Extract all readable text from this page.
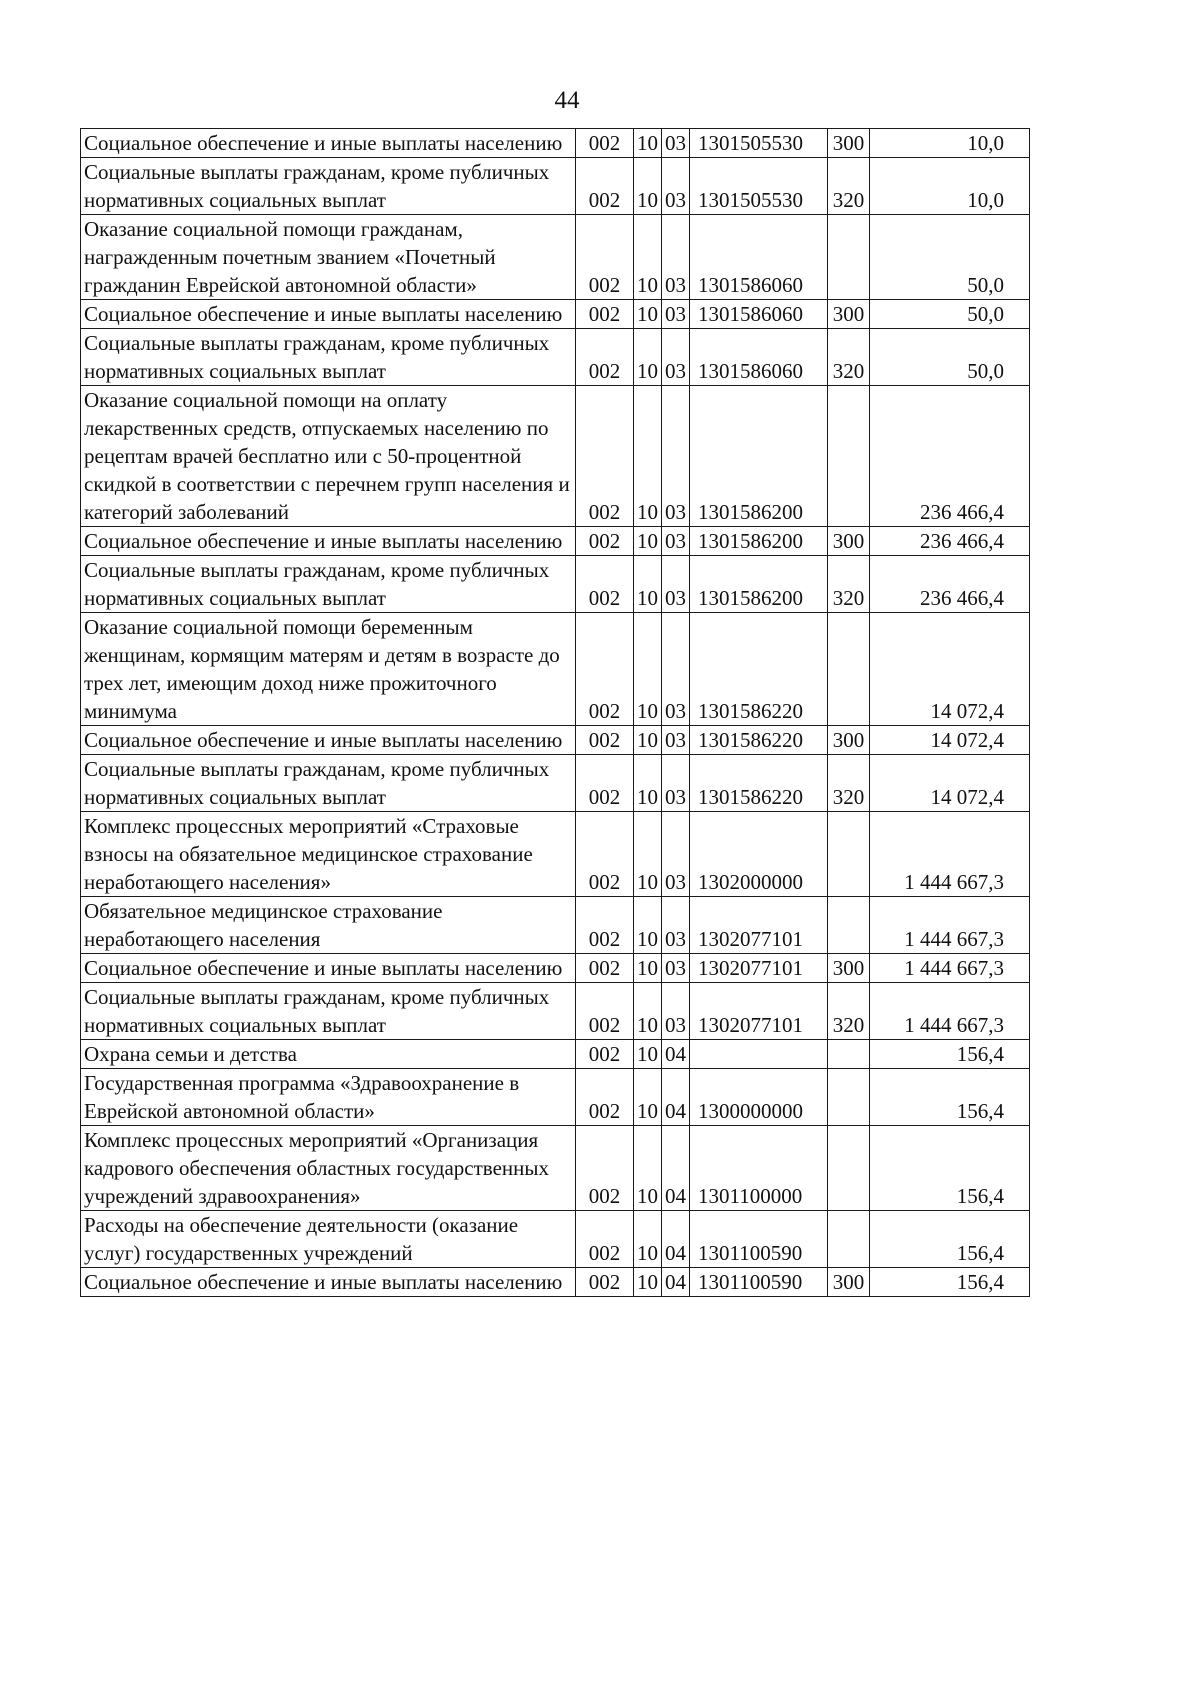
44
Социальное обеспечение и иные выплаты населению	002	10	03	1301505530	300	10,0
Социальные выплаты гражданам, кроме публичных нормативных социальных выплат	002	10	03	1301505530	320	10,0
Оказание социальной помощи гражданам, награжденным почетным званием «Почетный гражданин Еврейской автономной области»	002	10	03	1301586060		50,0
Социальное обеспечение и иные выплаты населению	002	10	03	1301586060	300	50,0
Социальные выплаты гражданам, кроме публичных нормативных социальных выплат	002	10	03	1301586060	320	50,0
Оказание социальной помощи на оплату лекарственных средств, отпускаемых населению по рецептам врачей бесплатно или с 50-процентной скидкой в соответствии с перечнем групп населения и категорий заболеваний	002	10	03	1301586200		236 466,4
Социальное обеспечение и иные выплаты населению	002	10	03	1301586200	300	236 466,4
Социальные выплаты гражданам, кроме публичных нормативных социальных выплат	002	10	03	1301586200	320	236 466,4
Оказание социальной помощи беременным женщинам, кормящим матерям и детям в возрасте до трех лет, имеющим доход ниже прожиточного минимума	002	10	03	1301586220		14 072,4
Социальное обеспечение и иные выплаты населению	002	10	03	1301586220	300	14 072,4
Социальные выплаты гражданам, кроме публичных нормативных социальных выплат	002	10	03	1301586220	320	14 072,4
Комплекс процессных мероприятий «Страховые взносы на обязательное медицинское страхование неработающего населения»	002	10	03	1302000000		1 444 667,3
Обязательное медицинское страхование неработающего населения	002	10	03	1302077101		1 444 667,3
Социальное обеспечение и иные выплаты населению	002	10	03	1302077101	300	1 444 667,3
Социальные выплаты гражданам, кроме публичных нормативных социальных выплат	002	10	03	1302077101	320	1 444 667,3
Охрана семьи и детства	002	10	04			156,4
Государственная программа «Здравоохранение в Еврейской автономной области»	002	10	04	1300000000		156,4
Комплекс процессных мероприятий «Организация кадрового обеспечения областных государственных учреждений здравоохранения»	002	10	04	1301100000		156,4
Расходы на обеспечение деятельности (оказание услуг) государственных учреждений	002	10	04	1301100590		156,4
Социальное обеспечение и иные выплаты населению	002	10	04	1301100590	300	156,4
